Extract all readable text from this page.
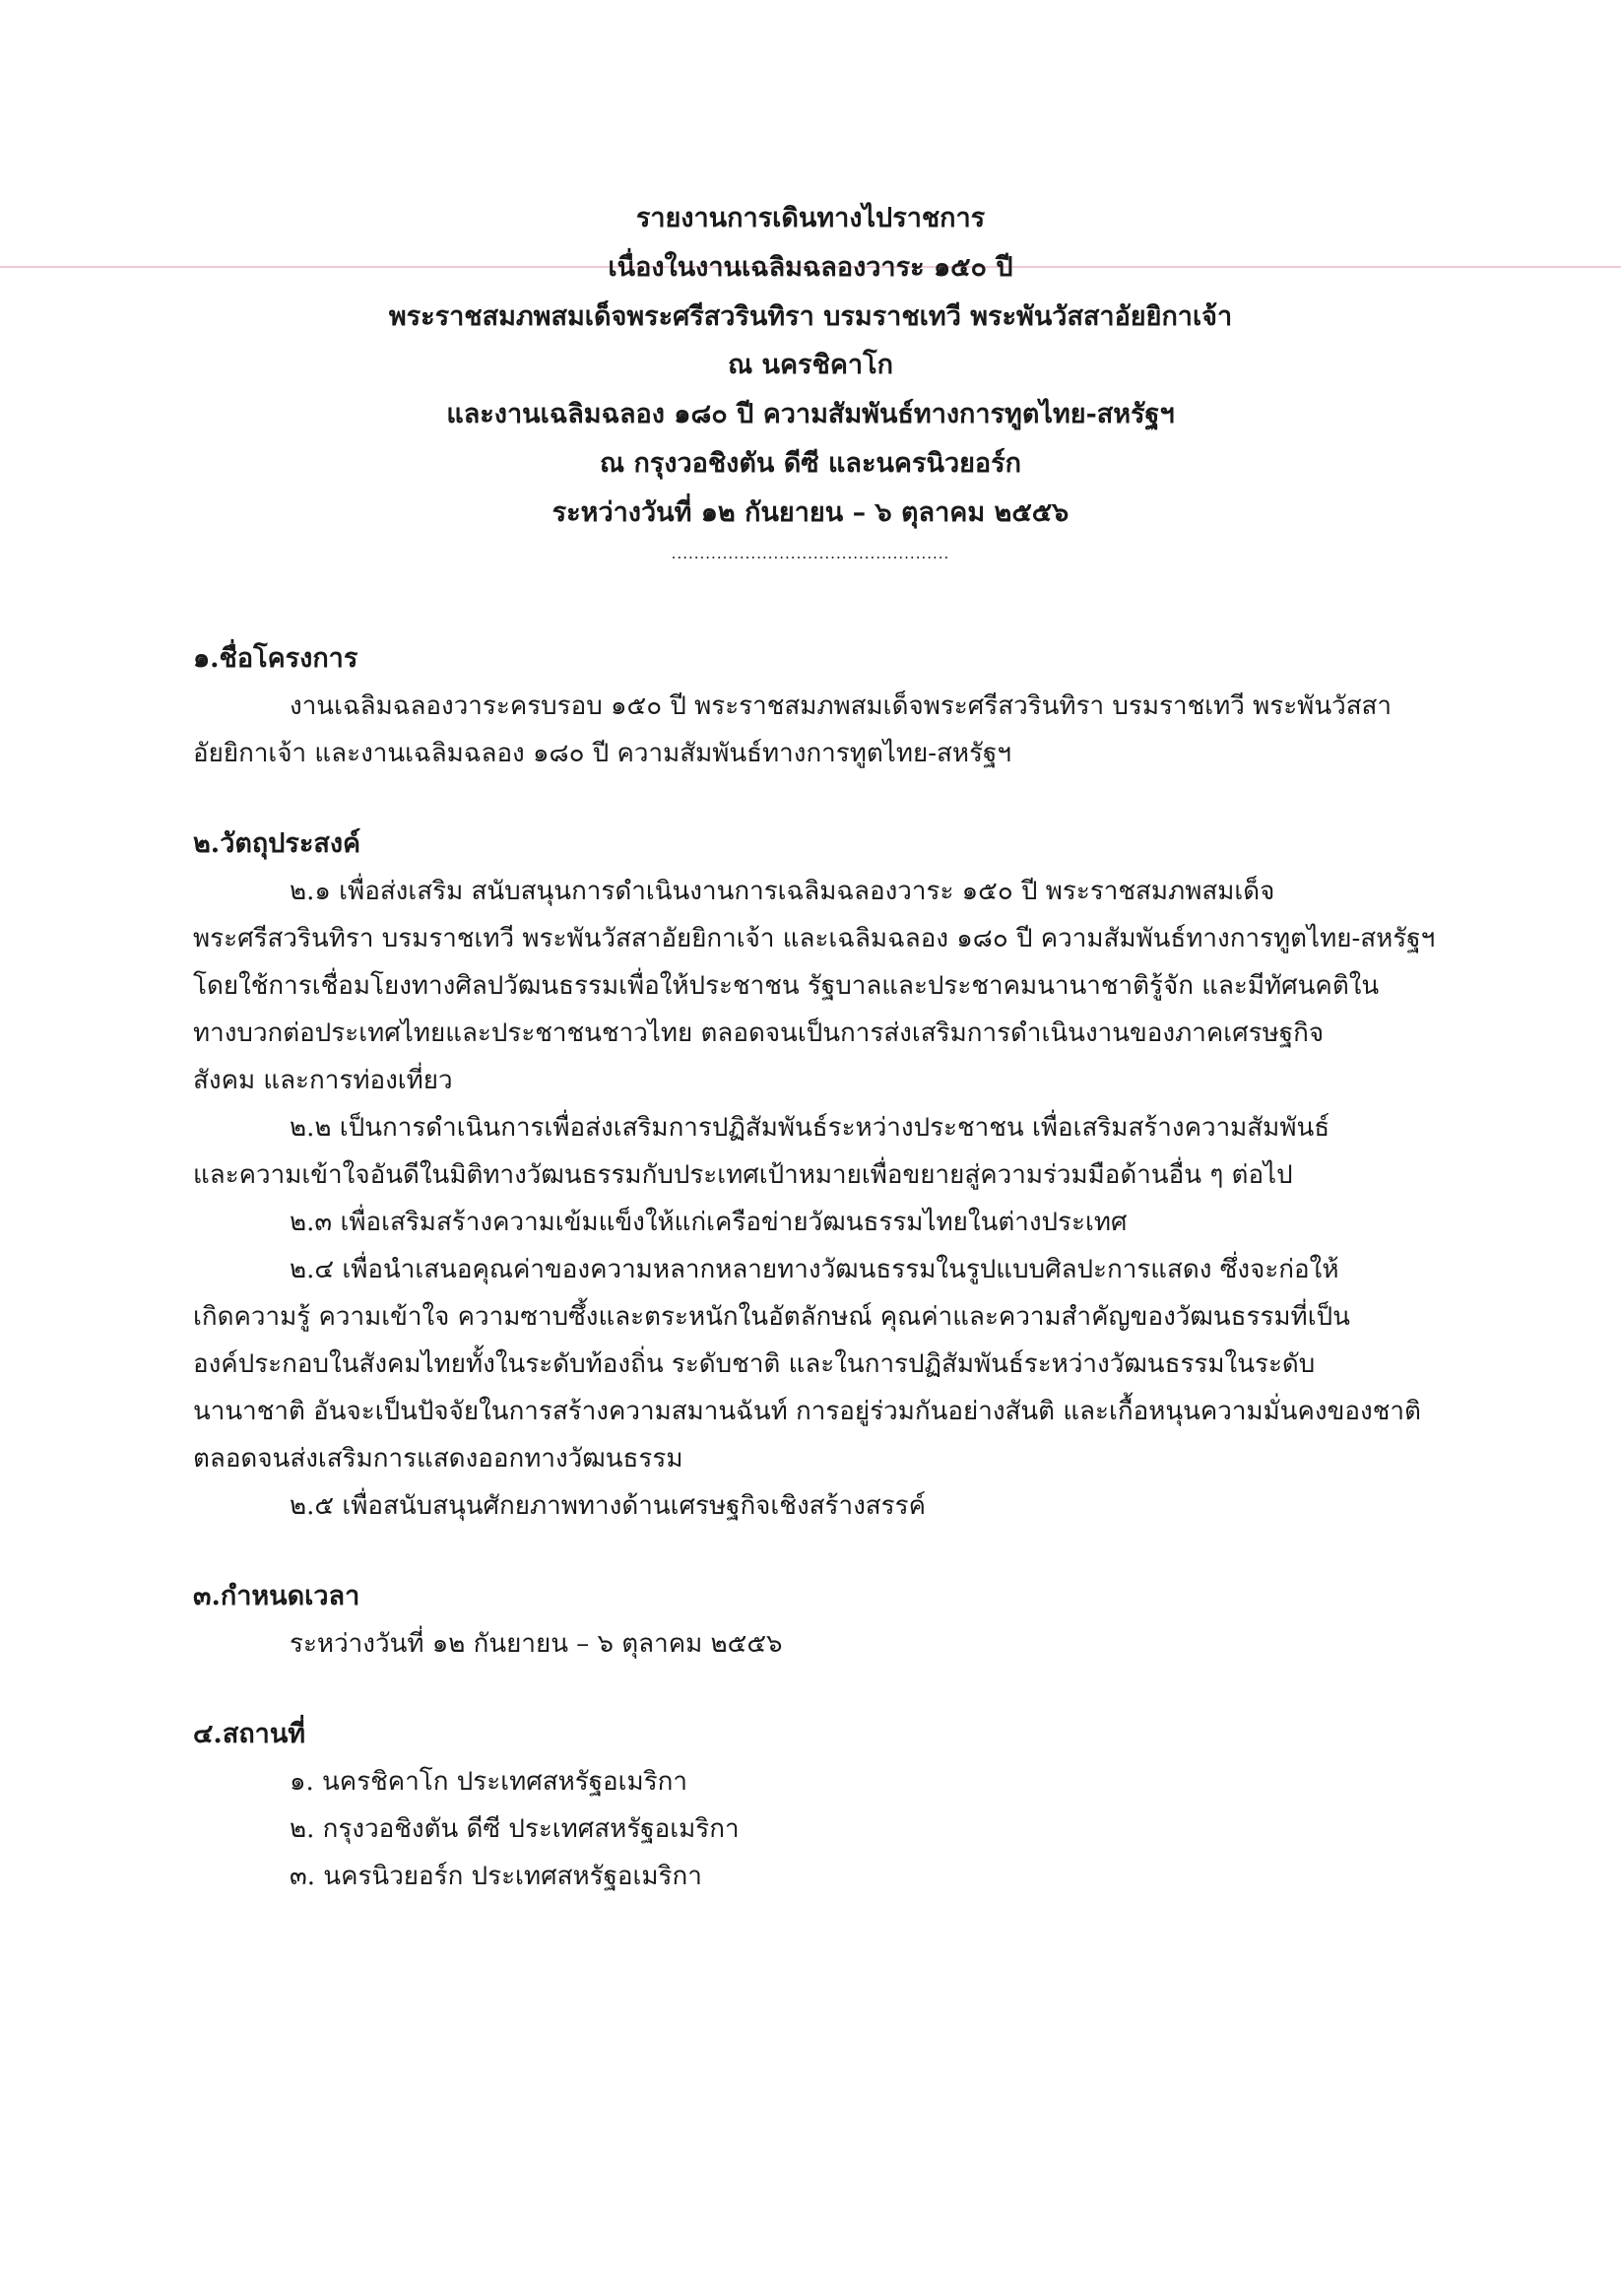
รายงานการเดินทางไปราชการ
เนื่องในงานเฉลิมฉลองวาระ ๑๕๐ ปี
พระราชสมภพสมเด็จพระศรีสวรินทิรา บรมราชเทวี พระพันวัสสาอัยยิกาเจ้า
ณ นครชิคาโก
และงานเฉลิมฉลอง ๑๘๐ ปี ความสัมพันธ์ทางการทูตไทย-สหรัฐฯ
ณ กรุงวอชิงตัน ดีซี และนครนิวยอร์ก
ระหว่างวันที่ ๑๒ กันยายน – ๖ ตุลาคม ๒๕๕๖
.................................................
๑.ชื่อโครงการ
งานเฉลิมฉลองวาระครบรอบ ๑๕๐ ปี พระราชสมภพสมเด็จพระศรีสวรินทิรา บรมราชเทวี พระพันวัสสา
อัยยิกาเจ้า และงานเฉลิมฉลอง ๑๘๐ ปี ความสัมพันธ์ทางการทูตไทย-สหรัฐฯ
๒.วัตถุประสงค์
๒.๑ เพื่อส่งเสริม สนับสนุนการดำเนินงานการเฉลิมฉลองวาระ ๑๕๐ ปี พระราชสมภพสมเด็จ
พระศรีสวรินทิรา บรมราชเทวี พระพันวัสสาอัยยิกาเจ้า และเฉลิมฉลอง ๑๘๐ ปี ความสัมพันธ์ทางการทูตไทย-สหรัฐฯ
โดยใช้การเชื่อมโยงทางศิลปวัฒนธรรมเพื่อให้ประชาชน รัฐบาลและประชาคมนานาชาติรู้จัก และมีทัศนคติใน
ทางบวกต่อประเทศไทยและประชาชนชาวไทย ตลอดจนเป็นการส่งเสริมการดำเนินงานของภาคเศรษฐกิจ
สังคม และการท่องเที่ยว
๒.๒ เป็นการดำเนินการเพื่อส่งเสริมการปฏิสัมพันธ์ระหว่างประชาชน เพื่อเสริมสร้างความสัมพันธ์
และความเข้าใจอันดีในมิติทางวัฒนธรรมกับประเทศเป้าหมายเพื่อขยายสู่ความร่วมมือด้านอื่น ๆ ต่อไป
๒.๓ เพื่อเสริมสร้างความเข้มแข็งให้แก่เครือข่ายวัฒนธรรมไทยในต่างประเทศ
๒.๔ เพื่อนำเสนอคุณค่าของความหลากหลายทางวัฒนธรรมในรูปแบบศิลปะการแสดง ซึ่งจะก่อให้
เกิดความรู้ ความเข้าใจ ความซาบซึ้งและตระหนักในอัตลักษณ์ คุณค่าและความสำคัญของวัฒนธรรมที่เป็น
องค์ประกอบในสังคมไทยทั้งในระดับท้องถิ่น ระดับชาติ และในการปฏิสัมพันธ์ระหว่างวัฒนธรรมในระดับ
นานาชาติ อันจะเป็นปัจจัยในการสร้างความสมานฉันท์ การอยู่ร่วมกันอย่างสันติ และเกื้อหนุนความมั่นคงของชาติ
ตลอดจนส่งเสริมการแสดงออกทางวัฒนธรรม
๒.๕ เพื่อสนับสนุนศักยภาพทางด้านเศรษฐกิจเชิงสร้างสรรค์
๓.กำหนดเวลา
ระหว่างวันที่ ๑๒ กันยายน – ๖ ตุลาคม ๒๕๕๖
๔.สถานที่
๑. นครชิคาโก ประเทศสหรัฐอเมริกา
๒. กรุงวอชิงตัน ดีซี ประเทศสหรัฐอเมริกา
๓. นครนิวยอร์ก ประเทศสหรัฐอเมริกา
